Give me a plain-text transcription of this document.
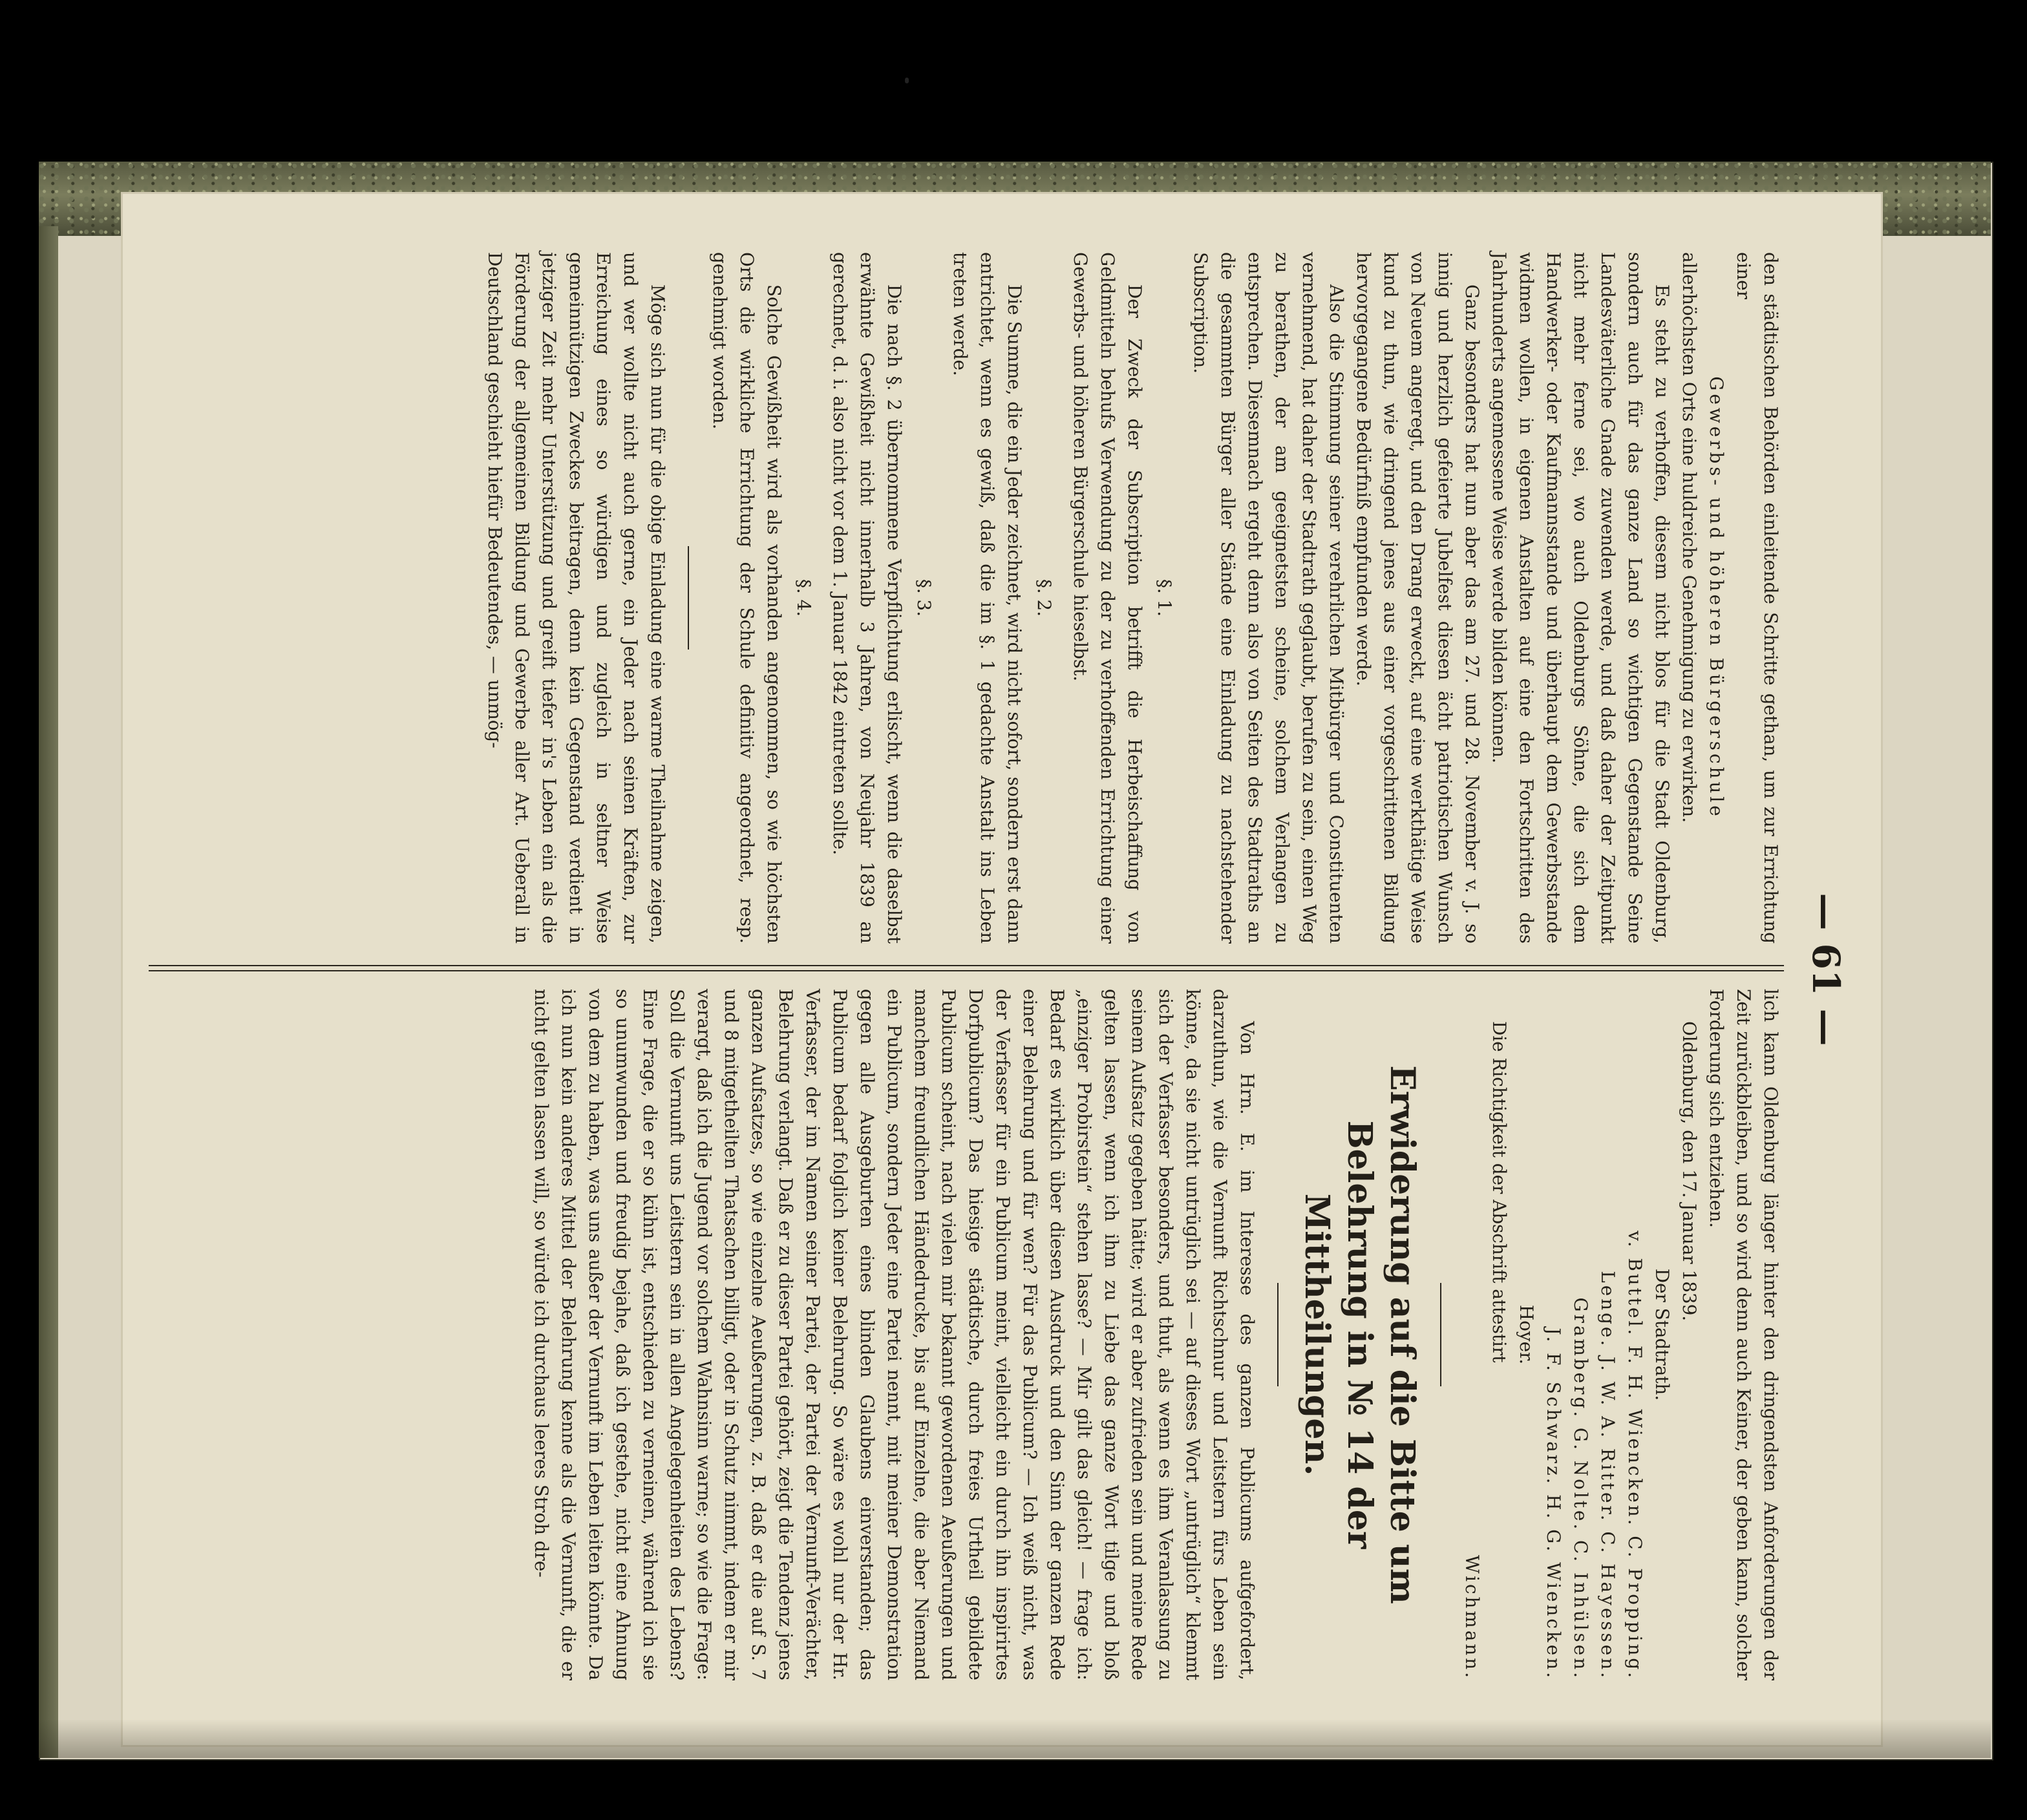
— 61 —

den städtischen Behörden einleitende Schritte gethan, um zur Errichtung einer

Gewerbs- und höheren Bürgerschule

allerhöchsten Orts eine huldreiche Genehmigung zu erwirken.

Es steht zu verhoffen, diesem nicht blos für die Stadt Oldenburg, sondern auch für das ganze Land so wichtigen Gegenstande Seine Landesväterliche Gnade zuwenden werde, und daß daher der Zeitpunkt nicht mehr ferne sei, wo auch Oldenburgs Söhne, die sich dem Handwerker- oder Kaufmannsstande und überhaupt dem Gewerbsstande widmen wollen, in eigenen Anstalten auf eine den Fortschritten des Jahrhunderts angemessene Weise werde bilden können.

Ganz besonders hat nun aber das am 27. und 28. November v. J. so innig und herzlich gefeierte Jubelfest diesen ächt patriotischen Wunsch von Neuem angeregt, und den Drang erweckt, auf eine werkthätige Weise kund zu thun, wie dringend jenes aus einer vorgeschrittenen Bildung hervorgegangene Bedürfniß empfunden werde.

Also die Stimmung seiner verehrlichen Mitbürger und Constituenten vernehmend, hat daher der Stadtrath geglaubt, berufen zu sein, einen Weg zu berathen, der am geeignetsten scheine, solchem Verlangen zu entsprechen. Diesemnach ergeht denn also von Seiten des Stadtraths an die gesammten Bürger aller Stände eine Einladung zu nachstehender Subscription.

§. 1.

Der Zweck der Subscription betrifft die Herbeischaffung von Geldmitteln behufs Verwendung zu der zu verhoffenden Errichtung einer Gewerbs- und höheren Bürgerschule hieselbst.

§. 2.

Die Summe, die ein Jeder zeichnet, wird nicht sofort, sondern erst dann entrichtet, wenn es gewiß, daß die im §. 1 gedachte Anstalt ins Leben treten werde.

§. 3.

Die nach §. 2 übernommene Verpflichtung erlischt, wenn die daselbst erwähnte Gewißheit nicht innerhalb 3 Jahren, von Neujahr 1839 an gerechnet, d. i. also nicht vor dem 1. Januar 1842 eintreten sollte.

§. 4.

Solche Gewißheit wird als vorhanden angenommen, so wie höchsten Orts die wirkliche Errichtung der Schule definitiv angeordnet, resp. genehmigt worden.

Möge sich nun für die obige Einladung eine warme Theilnahme zeigen, und wer wollte nicht auch gerne, ein Jeder nach seinen Kräften, zur Erreichung eines so würdigen und zugleich in seltner Weise gemeinnützigen Zweckes beitragen, denn kein Gegenstand verdient in jetziger Zeit mehr Unterstützung und greift tiefer in's Leben ein als die Förderung der allgemeinen Bildung und Gewerbe aller Art. Ueberall in Deutschland geschieht hiefür Bedeutendes, — unmög-

lich kann Oldenburg länger hinter den dringendsten Anforderungen der Zeit zurückbleiben, und so wird denn auch Keiner, der geben kann, solcher Forderung sich entziehen.

Oldenburg, den 17. Januar 1839.

Der Stadtrath.

v. Buttel. F. H. Wiencken. C. Propping.

Lenge. J. W. A. Ritter. C. Hayessen.

Gramberg. G. Nolte. C. Inhülsen.

J. F. Schwarz. H. G. Wiencken.

Hoyer.

Die Richtigkeit der Abschrift attestirt

Wichmann.

Erwiderung auf die Bitte um Belehrung in № 14 der Mittheilungen.

Von Hrn. E. im Interesse des ganzen Publicums aufgefordert, darzuthun, wie die Vernunft Richtschnur und Leitstern fürs Leben sein könne, da sie nicht untrüglich sei — auf dieses Wort „untrüglich“ klemmt sich der Verfasser besonders, und thut, als wenn es ihm Veranlassung zu seinem Aufsatz gegeben hätte; wird er aber zufrieden sein und meine Rede gelten lassen, wenn ich ihm zu Liebe das ganze Wort tilge und bloß „einziger Probirstein“ stehen lasse? — Mir gilt das gleich! — frage ich: Bedarf es wirklich über diesen Ausdruck und den Sinn der ganzen Rede einer Belehrung und für wen? Für das Publicum? — Ich weiß nicht, was der Verfasser für ein Publicum meint, vielleicht ein durch ihn inspirirtes Dorfpublicum? Das hiesige städtische, durch freies Urtheil gebildete Publicum scheint, nach vielen mir bekannt gewordenen Aeußerungen und manchem freundlichen Händedrucke, bis auf Einzelne, die aber Niemand ein Publicum, sondern Jeder eine Partei nennt, mit meiner Demonstration gegen alle Ausgeburten eines blinden Glaubens einverstanden; das Publicum bedarf folglich keiner Belehrung. So wäre es wohl nur der Hr. Verfasser, der im Namen seiner Partei, der Partei der Vernunft-Verächter, Belehrung verlangt. Daß er zu dieser Partei gehört, zeigt die Tendenz jenes ganzen Aufsatzes, so wie einzelne Aeußerungen, z. B. daß er die auf S. 7 und 8 mitgetheilten Thatsachen billigt, oder in Schutz nimmt, indem er mir verargt, daß ich die Jugend vor solchem Wahnsinn warne; so wie die Frage: Soll die Vernunft uns Leitstern sein in allen Angelegenheiten des Lebens? Eine Frage, die er so kühn ist, entschieden zu verneinen, während ich sie so unumwunden und freudig bejahe, daß ich gestehe, nicht eine Ahnung von dem zu haben, was uns außer der Vernunft im Leben leiten könnte. Da ich nun kein anderes Mittel der Belehrung kenne als die Vernunft, die er nicht gelten lassen will, so würde ich durchaus leeres Stroh dre-
